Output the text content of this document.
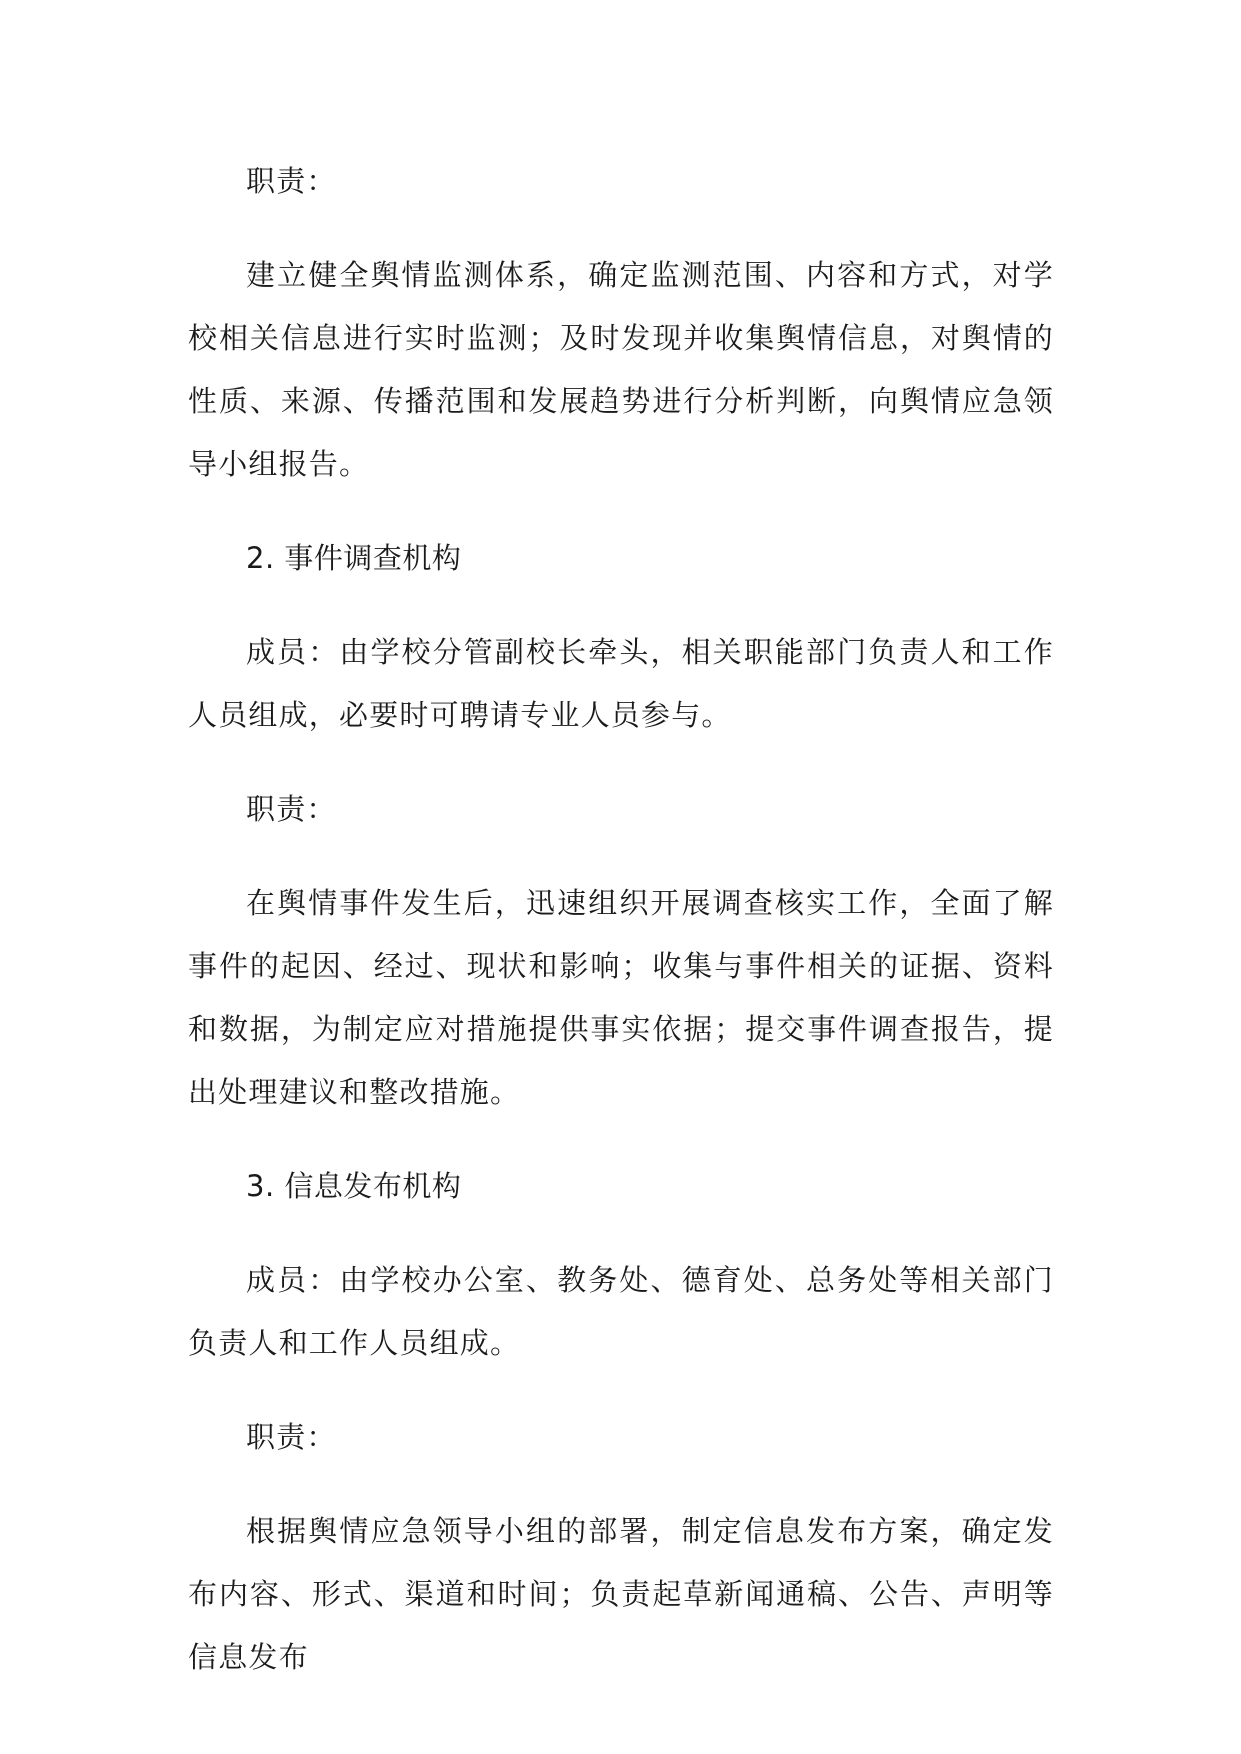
职责：

建立健全舆情监测体系，确定监测范围、内容和方式，对学校相关信息进行实时监测；及时发现并收集舆情信息，对舆情的性质、来源、传播范围和发展趋势进行分析判断，向舆情应急领导小组报告。

2. 事件调查机构

成员：由学校分管副校长牵头，相关职能部门负责人和工作人员组成，必要时可聘请专业人员参与。

职责：

在舆情事件发生后，迅速组织开展调查核实工作，全面了解事件的起因、经过、现状和影响；收集与事件相关的证据、资料和数据，为制定应对措施提供事实依据；提交事件调查报告，提出处理建议和整改措施。

3. 信息发布机构

成员：由学校办公室、教务处、德育处、总务处等相关部门负责人和工作人员组成。

职责：

根据舆情应急领导小组的部署，制定信息发布方案，确定发布内容、形式、渠道和时间；负责起草新闻通稿、公告、声明等信息发布
